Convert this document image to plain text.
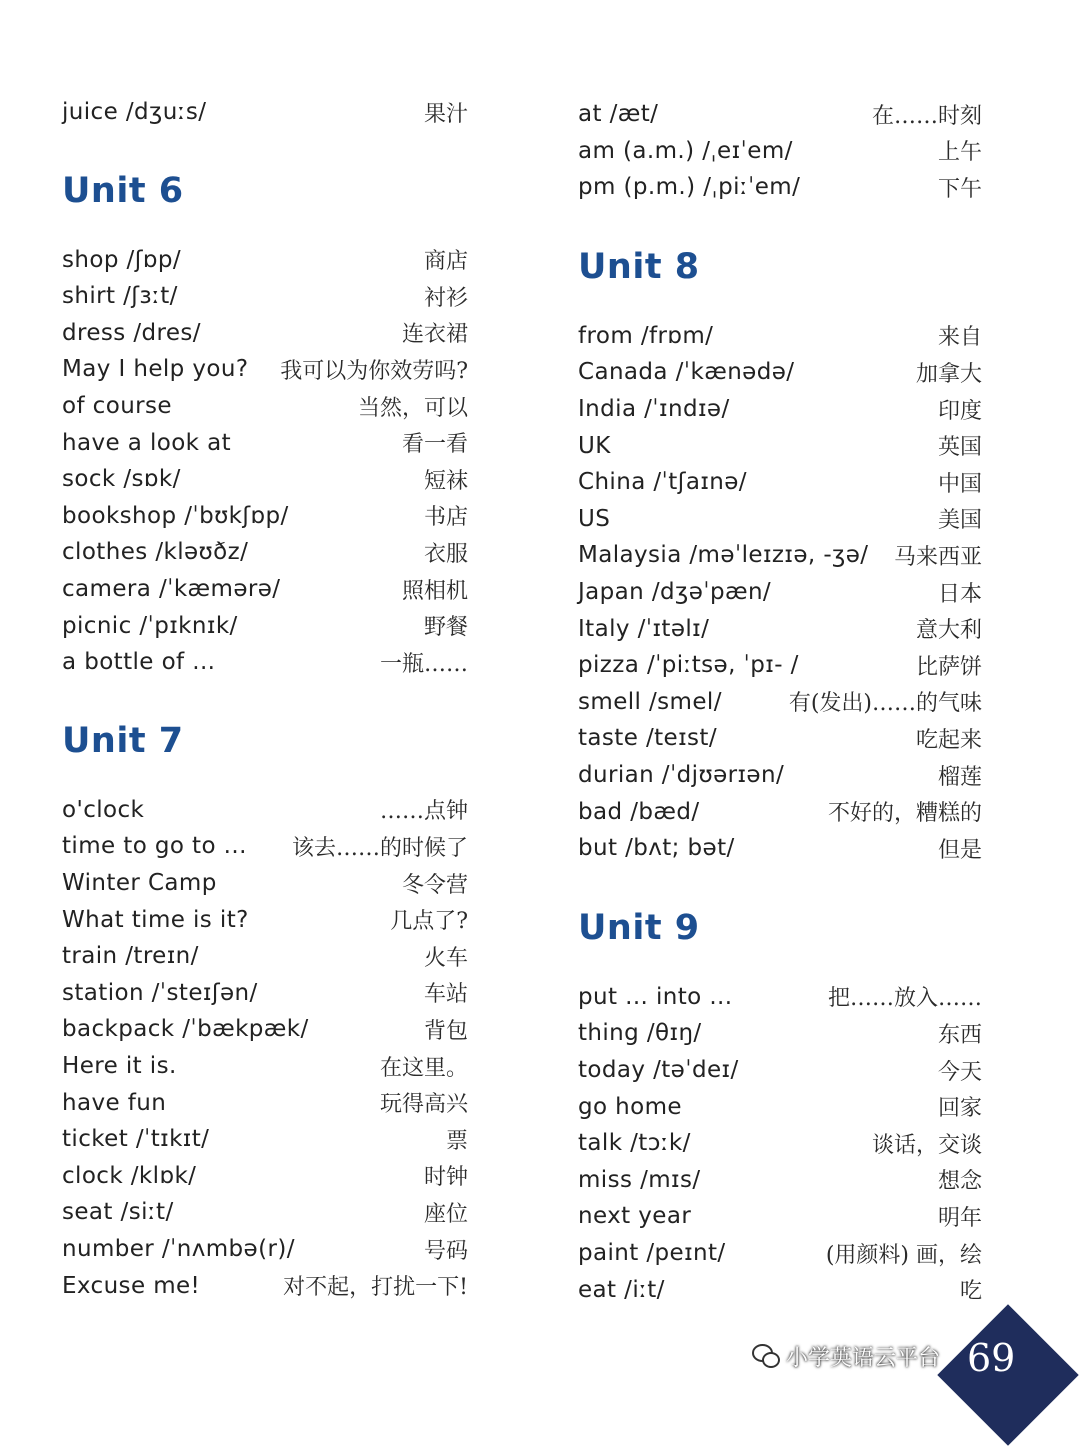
juice /dʒuːs/	果汁
Unit 6
shop /ʃɒp/	商店
shirt /ʃɜːt/	衬衫
dress /dres/	连衣裙
May I help you? 我可以为你效劳吗?
of course	当然，可以
have a look at	看一看
sock /sɒk/	短袜
bookshop /ˈbʊkʃɒp/	书店
clothes /kləʊðz/	衣服
camera /ˈkæmərə/	照相机
picnic /ˈpɪknɪk/	野餐
a bottle of ...	一瓶……
Unit 7
o'clock	……点钟
time to go to ... 该去……的时候了
Winter Camp	冬令营
What time is it?	几点了?
train /treɪn/	火车
station /ˈsteɪʃən/	车站
backpack /ˈbækpæk/	背包
Here it is.	在这里。
have fun	玩得高兴
ticket /ˈtɪkɪt/	票
clock /klɒk/	时钟
seat /siːt/	座位
number /ˈnʌmbə(r)/	号码
Excuse me!	对不起，打扰一下!
at /æt/	在……时刻
am (a.m.) /ˌeɪˈem/	上午
pm (p.m.) /ˌpiːˈem/	下午
Unit 8
from /frɒm/	来自
Canada /ˈkænədə/	加拿大
India /ˈɪndɪə/	印度
UK	英国
China /ˈtʃaɪnə/	中国
US	美国
Malaysia /məˈleɪzɪə, -ʒə/ 马来西亚
Japan /dʒəˈpæn/	日本
Italy /ˈɪtəlɪ/	意大利
pizza /ˈpiːtsə, ˈpɪ- /	比萨饼
smell /smel/	有(发出)……的气味
taste /teɪst/	吃起来
durian /ˈdjʊərɪən/	榴莲
bad /bæd/	不好的，糟糕的
but /bʌt; bət/	但是
Unit 9
put ... into ...	把……放入……
thing /θɪŋ/	东西
today /təˈdeɪ/	今天
go home	回家
talk /tɔːk/	谈话，交谈
miss /mɪs/	想念
next year	明年
paint /peɪnt/	(用颜料) 画，绘
eat /iːt/	吃
69
小学英语云平台
